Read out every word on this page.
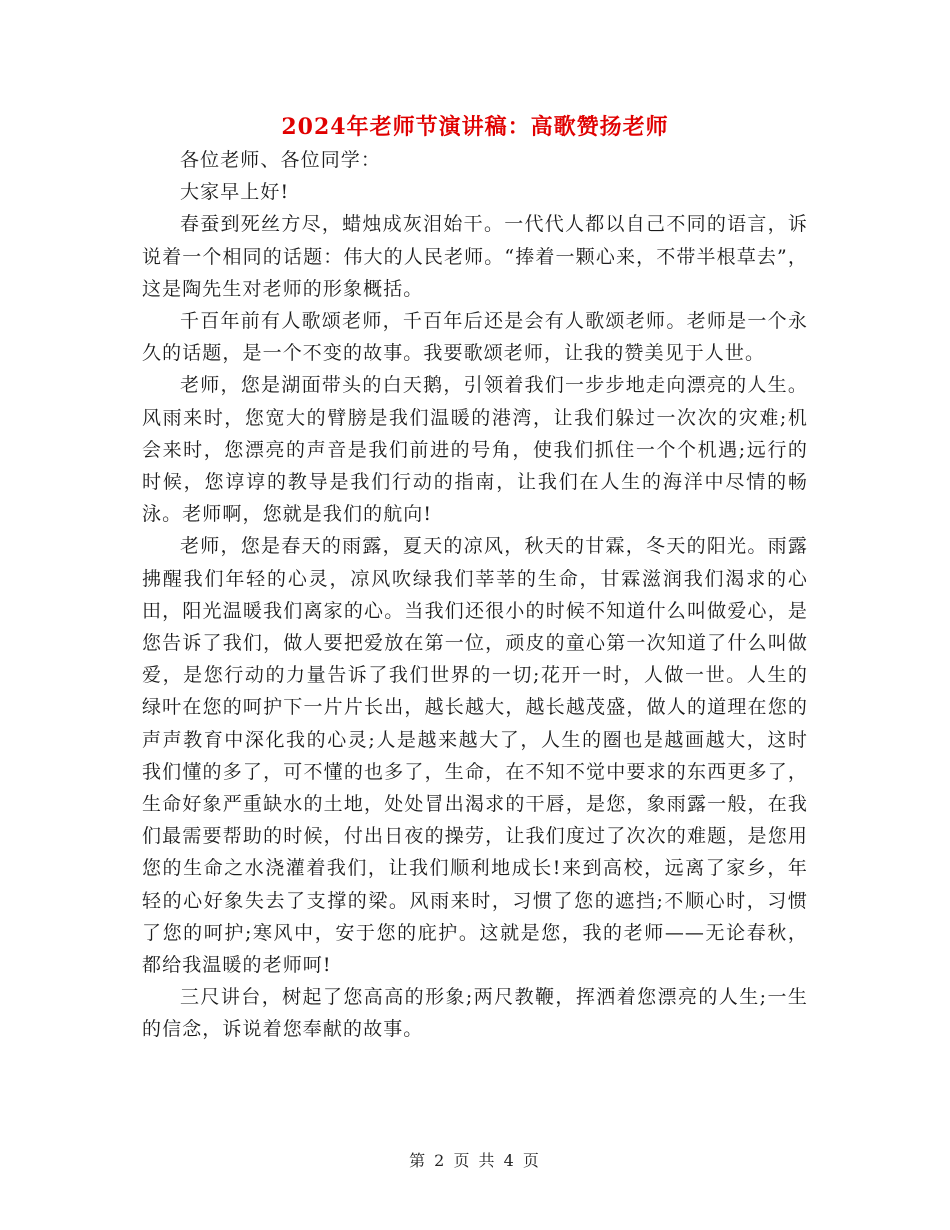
2024年老师节演讲稿：高歌赞扬老师

各位老师、各位同学：

大家早上好!

春蚕到死丝方尽，蜡烛成灰泪始干。一代代人都以自己不同的语言，诉说着一个相同的话题：伟大的人民老师。“捧着一颗心来，不带半根草去”，这是陶先生对老师的形象概括。

千百年前有人歌颂老师，千百年后还是会有人歌颂老师。老师是一个永久的话题，是一个不变的故事。我要歌颂老师，让我的赞美见于人世。

老师，您是湖面带头的白天鹅，引领着我们一步步地走向漂亮的人生。风雨来时，您宽大的臂膀是我们温暖的港湾，让我们躲过一次次的灾难;机会来时，您漂亮的声音是我们前进的号角，使我们抓住一个个机遇;远行的时候，您谆谆的教导是我们行动的指南，让我们在人生的海洋中尽情的畅泳。老师啊，您就是我们的航向!

老师，您是春天的雨露，夏天的凉风，秋天的甘霖，冬天的阳光。雨露拂醒我们年轻的心灵，凉风吹绿我们莘莘的生命，甘霖滋润我们渴求的心田，阳光温暖我们离家的心。当我们还很小的时候不知道什么叫做爱心，是您告诉了我们，做人要把爱放在第一位，顽皮的童心第一次知道了什么叫做爱，是您行动的力量告诉了我们世界的一切;花开一时，人做一世。人生的绿叶在您的呵护下一片片长出，越长越大，越长越茂盛，做人的道理在您的声声教育中深化我的心灵;人是越来越大了，人生的圈也是越画越大，这时我们懂的多了，可不懂的也多了，生命，在不知不觉中要求的东西更多了，生命好象严重缺水的土地，处处冒出渴求的干唇，是您，象雨露一般，在我们最需要帮助的时候，付出日夜的操劳，让我们度过了次次的难题，是您用您的生命之水浇灌着我们，让我们顺利地成长!来到高校，远离了家乡，年轻的心好象失去了支撑的梁。风雨来时，习惯了您的遮挡;不顺心时，习惯了您的呵护;寒风中，安于您的庇护。这就是您，我的老师——无论春秋，都给我温暖的老师呵!

三尺讲台，树起了您高高的形象;两尺教鞭，挥洒着您漂亮的人生;一生的信念，诉说着您奉献的故事。

第 2 页 共 4 页
